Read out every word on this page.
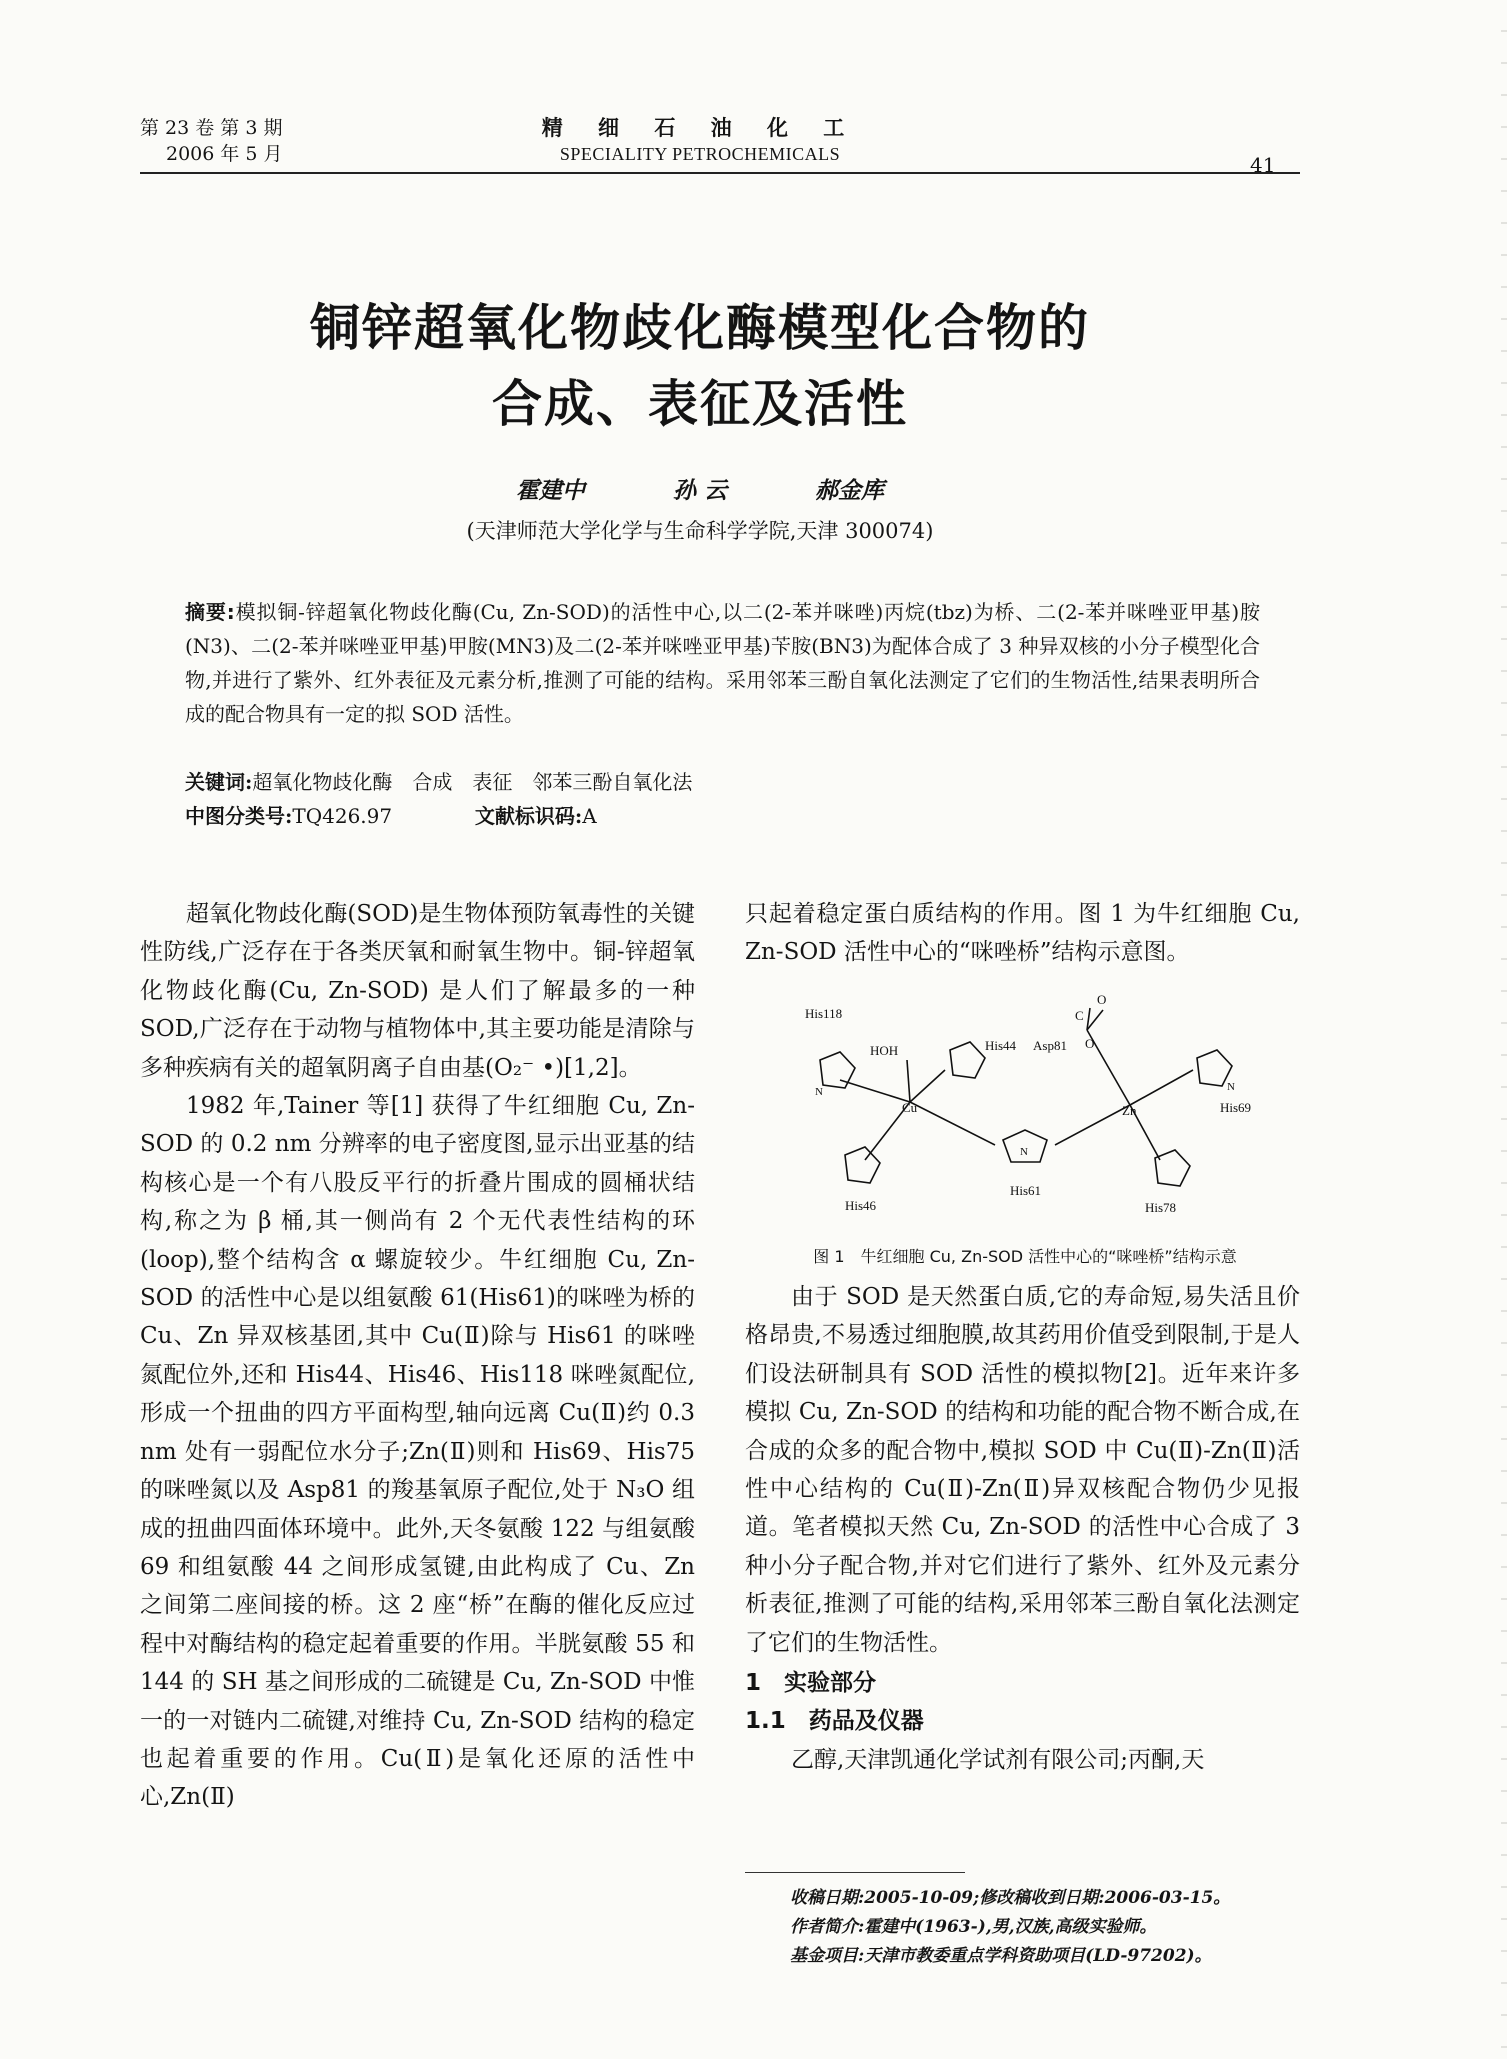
第 23 卷 第 3 期
2006 年 5 月
精 细 石 油 化 工
SPECIALITY PETROCHEMICALS	41
铜锌超氧化物歧化酶模型化合物的
合成、表征及活性
霍建中	孙 云	郝金库
(天津师范大学化学与生命科学学院,天津 300074)
摘要:模拟铜-锌超氧化物歧化酶(Cu, Zn-SOD)的活性中心,以二(2-苯并咪唑)丙烷(tbz)为桥、二(2-苯并咪唑亚甲基)胺(N3)、二(2-苯并咪唑亚甲基)甲胺(MN3)及二(2-苯并咪唑亚甲基)苄胺(BN3)为配体合成了 3 种异双核的小分子模型化合物,并进行了紫外、红外表征及元素分析,推测了可能的结构。采用邻苯三酚自氧化法测定了它们的生物活性,结果表明所合成的配合物具有一定的拟 SOD 活性。
关键词:超氧化物歧化酶　合成　表征　邻苯三酚自氧化法
中图分类号:TQ426.97	文献标识码:A

超氧化物歧化酶(SOD)是生物体预防氧毒性的关键性防线,广泛存在于各类厌氧和耐氧生物中。铜-锌超氧化物歧化酶(Cu, Zn-SOD) 是人们了解最多的一种 SOD,广泛存在于动物与植物体中,其主要功能是清除与多种疾病有关的超氧阴离子自由基(O₂⁻ •)[1,2]。

1982 年,Tainer 等[1] 获得了牛红细胞 Cu, Zn-SOD 的 0.2 nm 分辨率的电子密度图,显示出亚基的结构核心是一个有八股反平行的折叠片围成的圆桶状结构,称之为 β 桶,其一侧尚有 2 个无代表性结构的环(loop),整个结构含 α 螺旋较少。牛红细胞 Cu, Zn-SOD 的活性中心是以组氨酸 61(His61)的咪唑为桥的 Cu、Zn 异双核基团,其中 Cu(Ⅱ)除与 His61 的咪唑氮配位外,还和 His44、His46、His118 咪唑氮配位,形成一个扭曲的四方平面构型,轴向远离 Cu(Ⅱ)约 0.3 nm 处有一弱配位水分子;Zn(Ⅱ)则和 His69、His75 的咪唑氮以及 Asp81 的羧基氧原子配位,处于 N₃O 组成的扭曲四面体环境中。此外,天冬氨酸 122 与组氨酸 69 和组氨酸 44 之间形成氢键,由此构成了 Cu、Zn 之间第二座间接的桥。这 2 座“桥”在酶的催化反应过程中对酶结构的稳定起着重要的作用。半胱氨酸 55 和 144 的 SH 基之间形成的二硫键是 Cu, Zn-SOD 中惟一的一对链内二硫键,对维持 Cu, Zn-SOD 结构的稳定也起着重要的作用。Cu(Ⅱ)是氧化还原的活性中心,Zn(Ⅱ)

只起着稳定蛋白质结构的作用。图 1 为牛红细胞 Cu, Zn-SOD 活性中心的“咪唑桥”结构示意图。

His118
HOH	His44 Asp81
C
O
O
Cu	Zn	His69
His46
His61
His78
N	N
N
图 1　牛红细胞 Cu, Zn-SOD 活性中心的“咪唑桥”结构示意

由于 SOD 是天然蛋白质,它的寿命短,易失活且价格昂贵,不易透过细胞膜,故其药用价值受到限制,于是人们设法研制具有 SOD 活性的模拟物[2]。近年来许多模拟 Cu, Zn-SOD 的结构和功能的配合物不断合成,在合成的众多的配合物中,模拟 SOD 中 Cu(Ⅱ)-Zn(Ⅱ)活性中心结构的 Cu(Ⅱ)-Zn(Ⅱ)异双核配合物仍少见报道。笔者模拟天然 Cu, Zn-SOD 的活性中心合成了 3 种小分子配合物,并对它们进行了紫外、红外及元素分析表征,推测了可能的结构,采用邻苯三酚自氧化法测定了它们的生物活性。

1　实验部分

1.1　药品及仪器

乙醇,天津凯通化学试剂有限公司;丙酮,天

收稿日期:2005-10-09;修改稿收到日期:2006-03-15。
作者简介:霍建中(1963-),男,汉族,高级实验师。
基金项目:天津市教委重点学科资助项目(LD-97202)。
